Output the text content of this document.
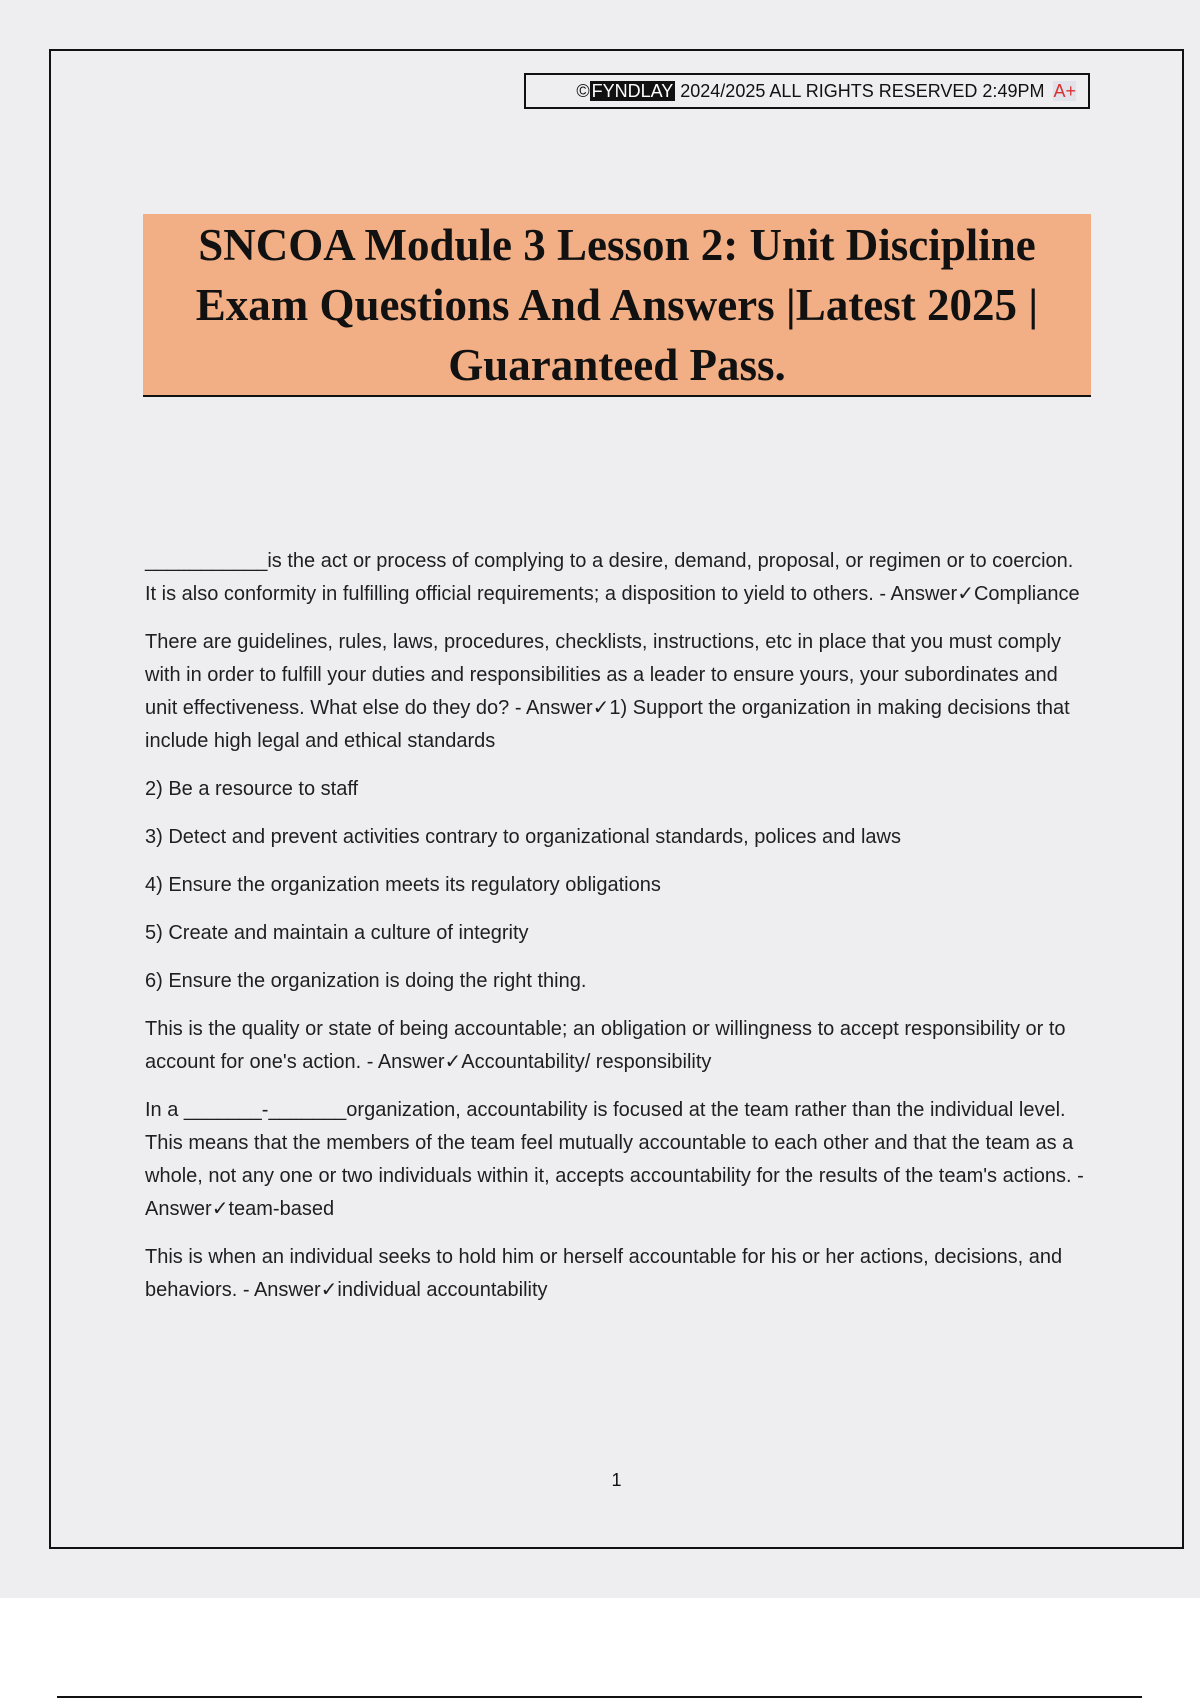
© FYNDLAY 2024/2025 ALL RIGHTS RESERVED 2:49PM A+
SNCOA Module 3 Lesson 2: Unit Discipline Exam Questions And Answers |Latest 2025 | Guaranteed Pass.

___________is the act or process of complying to a desire, demand, proposal, or regimen or to coercion. It is also conformity in fulfilling official requirements; a disposition to yield to others. - Answer✓Compliance

There are guidelines, rules, laws, procedures, checklists, instructions, etc in place that you must comply with in order to fulfill your duties and responsibilities as a leader to ensure yours, your subordinates and unit effectiveness. What else do they do? - Answer✓1) Support the organization in making decisions that include high legal and ethical standards

2) Be a resource to staff

3) Detect and prevent activities contrary to organizational standards, polices and laws

4) Ensure the organization meets its regulatory obligations

5) Create and maintain a culture of integrity

6) Ensure the organization is doing the right thing.

This is the quality or state of being accountable; an obligation or willingness to accept responsibility or to account for one's action. - Answer✓Accountability/ responsibility

In a _______-_______organization, accountability is focused at the team rather than the individual level. This means that the members of the team feel mutually accountable to each other and that the team as a whole, not any one or two individuals within it, accepts accountability for the results of the team's actions. - Answer✓team-based

This is when an individual seeks to hold him or herself accountable for his or her actions, decisions, and behaviors. - Answer✓individual accountability

1
